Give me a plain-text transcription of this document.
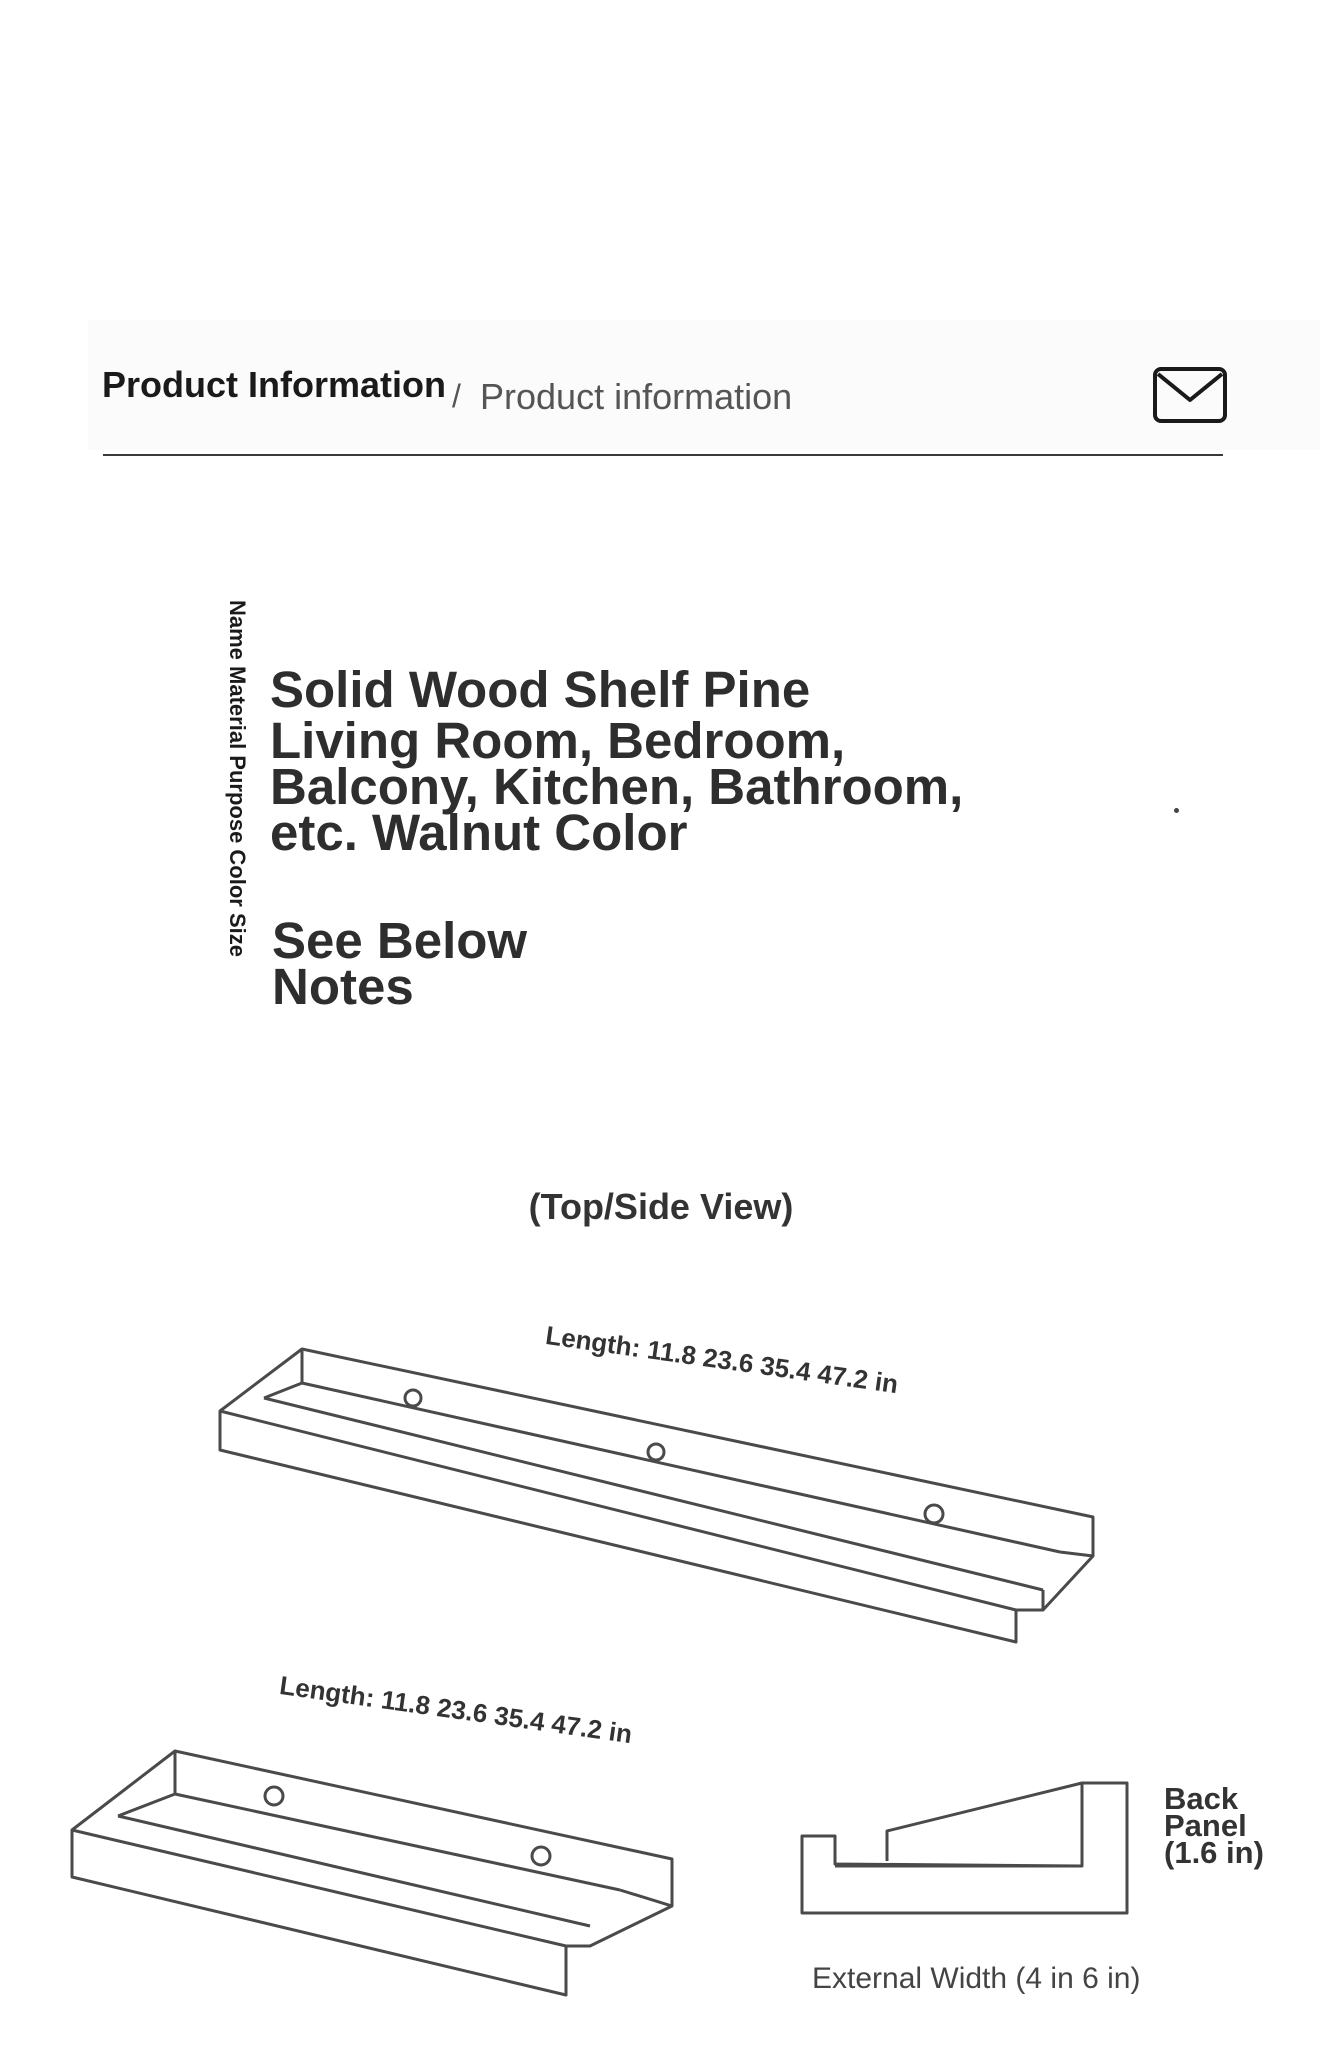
Product Information / Product information
Name Material Purpose Color Size Solid Wood Shelf Pine
Living Room, Bedroom, Balcony, Kitchen, Bathroom, etc. Walnut Color
See Below Notes
(Top/Side View)
Length: 11.8 23.6 35.4 47.2 in
Length: 11.8 23.6 35.4 47.2 in
Back Panel (1.6 in)
External Width (4 in 6 in)
